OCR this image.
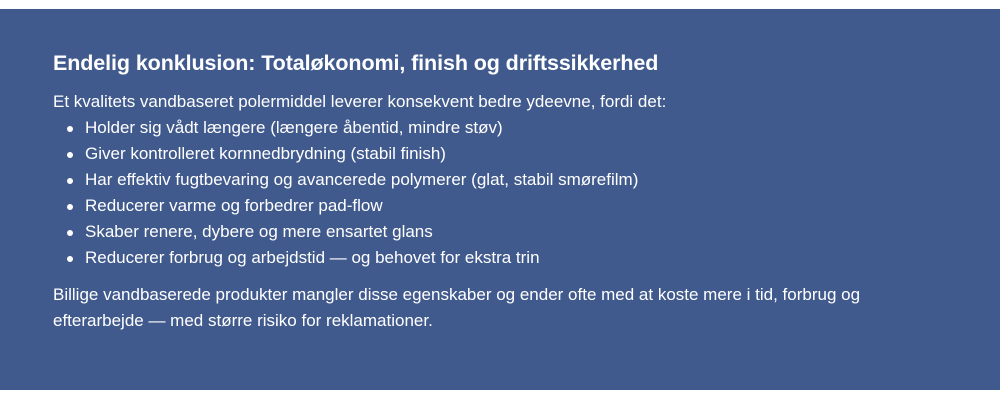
Endelig konklusion: Totaløkonomi, finish og driftssikkerhed

Et kvalitets vandbaseret polermiddel leverer konsekvent bedre ydeevne, fordi det:

Holder sig vådt længere (længere åbentid, mindre støv)
Giver kontrolleret kornnedbrydning (stabil finish)
Har effektiv fugtbevaring og avancerede polymerer (glat, stabil smørefilm)
Reducerer varme og forbedrer pad-flow
Skaber renere, dybere og mere ensartet glans
Reducerer forbrug og arbejdstid — og behovet for ekstra trin

Billige vandbaserede produkter mangler disse egenskaber og ender ofte med at koste mere i tid, forbrug og efterarbejde — med større risiko for reklamationer.
